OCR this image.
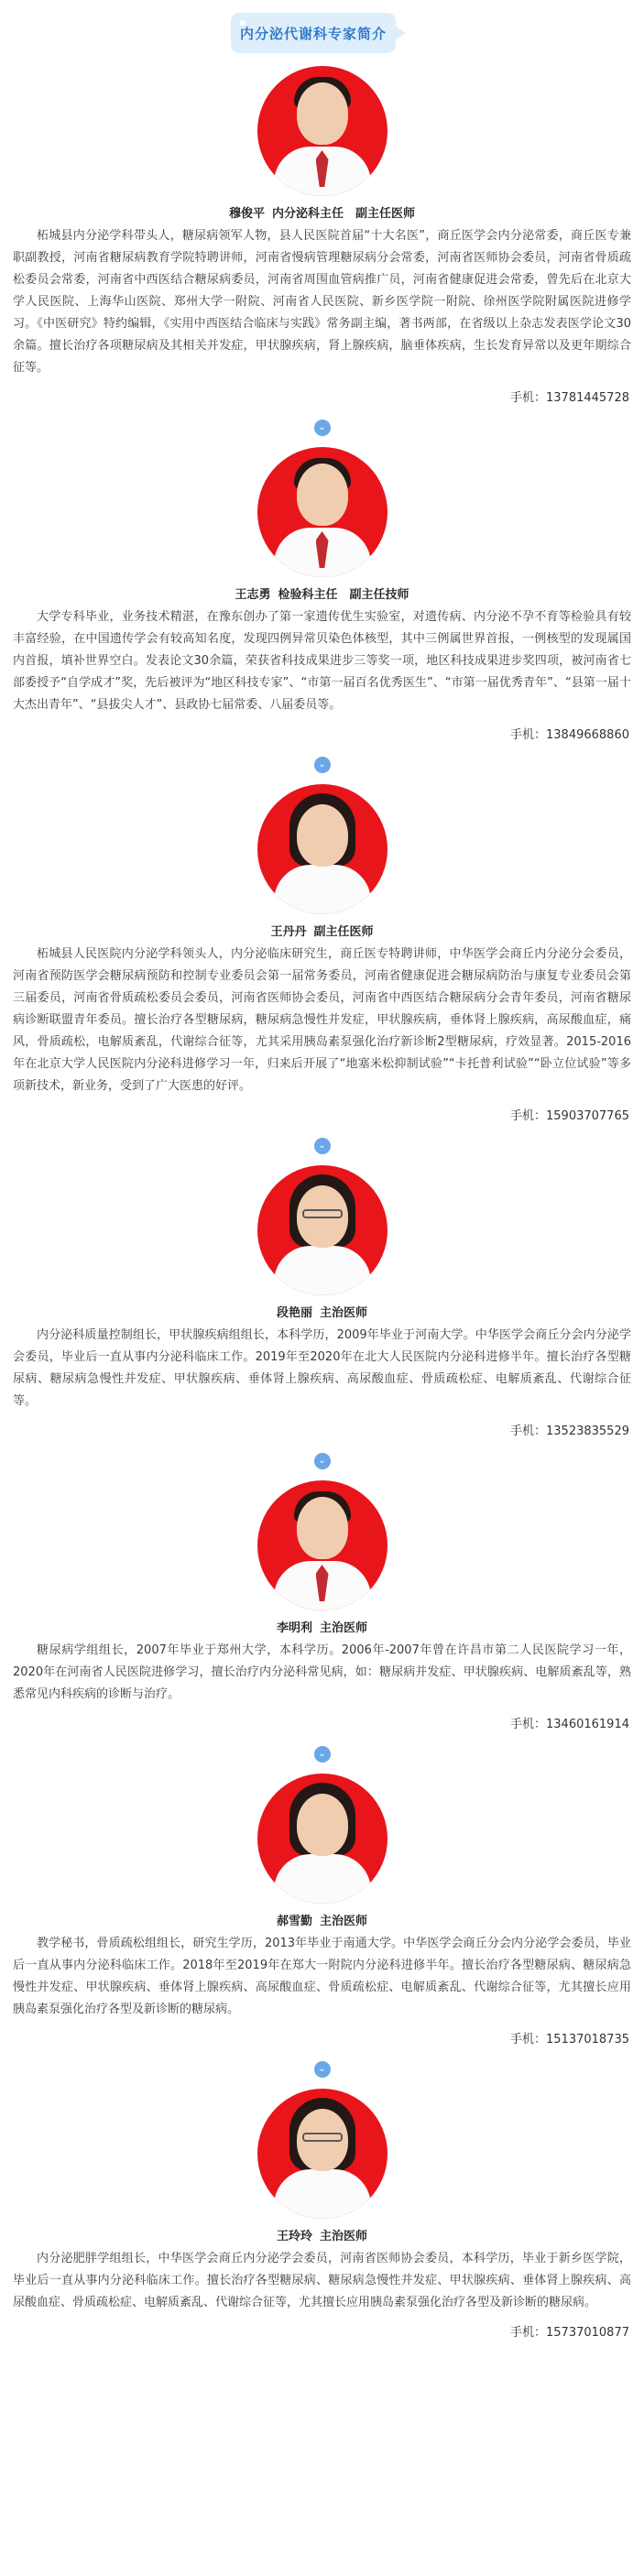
内分泌代谢科专家简介
穆俊平 内分泌科主任　副主任医师

柘城县内分泌学科带头人，糖尿病领军人物，县人民医院首届“十大名医”，商丘医学会内分泌常委，商丘医专兼职副教授，河南省糖尿病教育学院特聘讲师，河南省慢病管理糖尿病分会常委，河南省医师协会委员，河南省骨质疏松委员会常委，河南省中西医结合糖尿病委员，河南省周围血管病推广员，河南省健康促进会常委，曾先后在北京大学人民医院、上海华山医院、郑州大学一附院、河南省人民医院、新乡医学院一附院、徐州医学院附属医院进修学习。《中医研究》特约编辑，《实用中西医结合临床与实践》常务副主编，著书两部，在省级以上杂志发表医学论文30余篇。擅长治疗各项糖尿病及其相关并发症，甲状腺疾病，肾上腺疾病，脑垂体疾病，生长发育异常以及更年期综合征等。

手机：13781445728
⌄
王志勇 检验科主任　副主任技师

大学专科毕业，业务技术精湛，在豫东创办了第一家遗传优生实验室，对遗传病、内分泌不孕不育等检验具有较丰富经验，在中国遗传学会有较高知名度，发现四例异常贝染色体核型，其中三例属世界首报，一例核型的发现属国内首报，填补世界空白。发表论文30余篇，荣获省科技成果进步三等奖一项，地区科技成果进步奖四项，被河南省七部委授予“自学成才”奖，先后被评为“地区科技专家”、“市第一届百名优秀医生”、“市第一届优秀青年”、“县第一届十大杰出青年”、“县拔尖人才”、县政协七届常委、八届委员等。

手机：13849668860
⌄
王丹丹 副主任医师

柘城县人民医院内分泌学科领头人，内分泌临床研究生，商丘医专特聘讲师，中华医学会商丘内分泌分会委员，河南省预防医学会糖尿病预防和控制专业委员会第一届常务委员，河南省健康促进会糖尿病防治与康复专业委员会第三届委员，河南省骨质疏松委员会委员，河南省医师协会委员，河南省中西医结合糖尿病分会青年委员，河南省糖尿病诊断联盟青年委员。擅长治疗各型糖尿病，糖尿病急慢性并发症，甲状腺疾病，垂体肾上腺疾病，高尿酸血症，痛风，骨质疏松，电解质紊乱，代谢综合征等，尤其采用胰岛素泵强化治疗新诊断2型糖尿病，疗效显著。2015-2016年在北京大学人民医院内分泌科进修学习一年，归来后开展了“地塞米松抑制试验”“卡托普利试验”“卧立位试验”等多项新技术，新业务，受到了广大医患的好评。

手机：15903707765
⌄
段艳丽 主治医师

内分泌科质量控制组长，甲状腺疾病组组长，本科学历，2009年毕业于河南大学。中华医学会商丘分会内分泌学会委员，毕业后一直从事内分泌科临床工作。2019年至2020年在北大人民医院内分泌科进修半年。擅长治疗各型糖尿病、糖尿病急慢性并发症、甲状腺疾病、垂体肾上腺疾病、高尿酸血症、骨质疏松症、电解质紊乱、代谢综合征等。

手机：13523835529
⌄
李明利 主治医师

糖尿病学组组长，2007年毕业于郑州大学，本科学历。2006年-2007年曾在许昌市第二人民医院学习一年，2020年在河南省人民医院进修学习，擅长治疗内分泌科常见病，如：糖尿病并发症、甲状腺疾病、电解质紊乱等，熟悉常见内科疾病的诊断与治疗。

手机：13460161914
⌄
郝雪勤 主治医师

教学秘书，骨质疏松组组长，研究生学历，2013年毕业于南通大学。中华医学会商丘分会内分泌学会委员，毕业后一直从事内分泌科临床工作。2018年至2019年在郑大一附院内分泌科进修半年。擅长治疗各型糖尿病、糖尿病急慢性并发症、甲状腺疾病、垂体肾上腺疾病、高尿酸血症、骨质疏松症、电解质紊乱、代谢综合征等，尤其擅长应用胰岛素泵强化治疗各型及新诊断的糖尿病。

手机：15137018735
⌄
王玲玲 主治医师

内分泌肥胖学组组长，中华医学会商丘内分泌学会委员，河南省医师协会委员，本科学历，毕业于新乡医学院，毕业后一直从事内分泌科临床工作。擅长治疗各型糖尿病、糖尿病急慢性并发症、甲状腺疾病、垂体肾上腺疾病、高尿酸血症、骨质疏松症、电解质紊乱、代谢综合征等，尤其擅长应用胰岛素泵强化治疗各型及新诊断的糖尿病。

手机：15737010877
